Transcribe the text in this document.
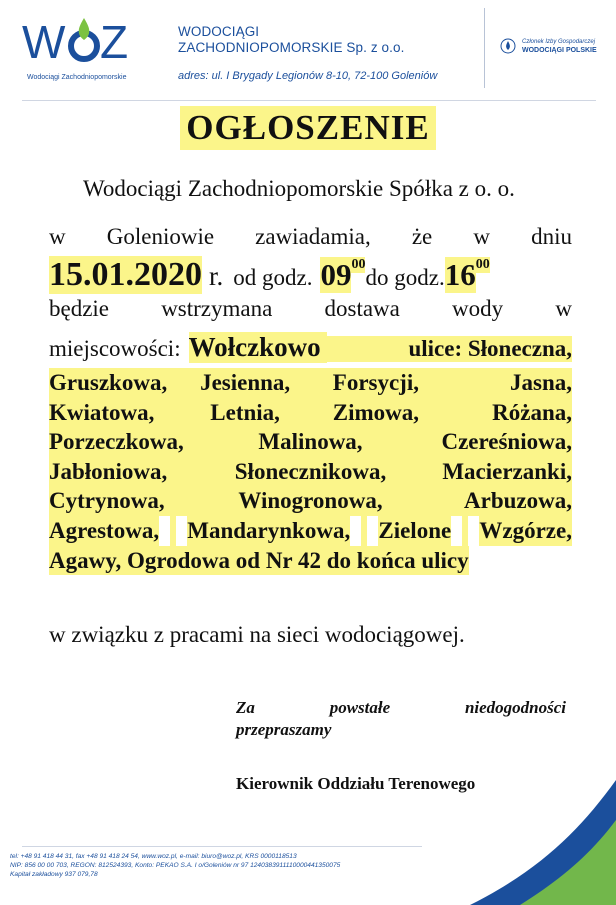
W Z
Wodociągi Zachodniopomorskie
WODOCIĄGI
ZACHODNIOPOMORSKIE Sp. z o.o.
adres: ul. I Brygady Legionów 8-10, 72-100 Goleniów
Członek Izby Gospodarczej
WODOCIĄGI POLSKIE
OGŁOSZENIE
Wodociągi Zachodniopomorskie Spółka z o. o.
w Goleniowie zawiadamia, że w dniu
15.01.2020 r. od godz. 09 00
do godz. 16 00
będzie wstrzymana dostawa wody w
miejscowości: Wołczkowo	ulice: Słoneczna,
Gruszkowa,	Jesienna,	Forsycji,	Jasna,
Kwiatowa,	Letnia,	Zimowa,	Różana,
Porzeczkowa,	Malinowa,	Czereśniowa,
Jabłoniowa,	Słonecznikowa,	Macierzanki,
Cytrynowa,	Winogronowa,	Arbuzowa,
Agrestowa, Mandarynkowa, Zielone Wzgórze,
Agawy, Ogrodowa od Nr 42 do końca ulicy
w związku z pracami na sieci wodociągowej.
Za	powstałe	niedogodności
przepraszamy
Kierownik Oddziału Terenowego
tel: +48 91 418 44 31, fax +48 91 418 24 54, www.woz.pl, e-mail: biuro@woz.pl, KRS 0000118513
NIP: 856 00 00 703, REGON: 812524393, Konto: PEKAO S.A. I o/Goleniów nr 97 1240383911110000441350075
Kapitał zakładowy 937 079,78
